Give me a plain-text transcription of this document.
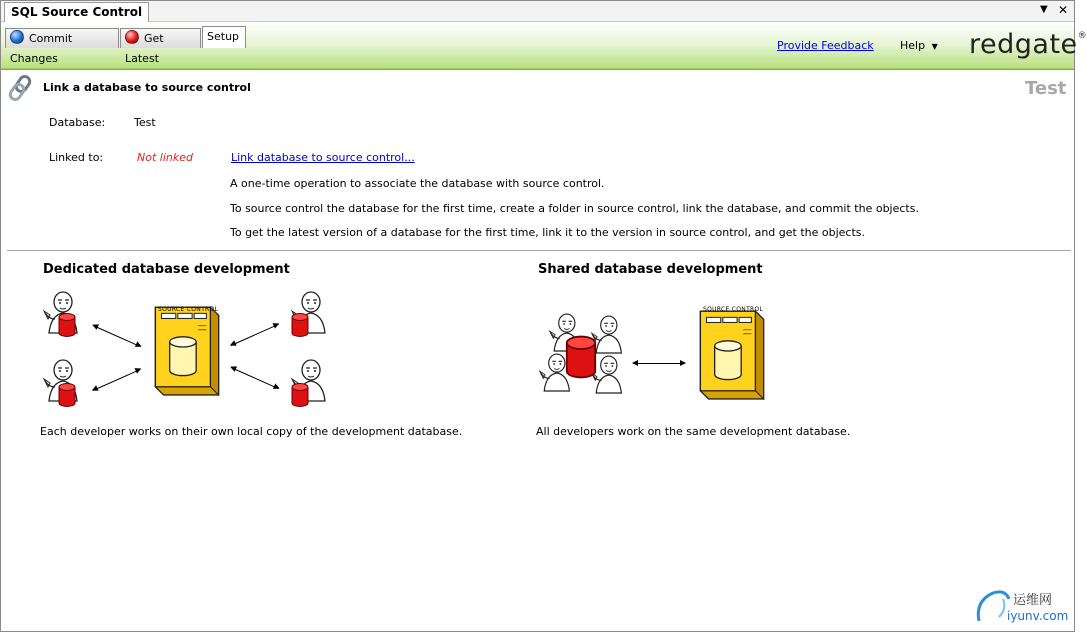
SQL Source Control	▼ ✕
Provide Feedback Help ▼ redgate®
Commit Changes
Get Latest
Setup
Link a database to source control	Test
Database:	Test
Linked to:	Not linked	Link database to source control...
A one-time operation to associate the database with source control.
To source control the database for the first time, create a folder in source control, link the database, and commit the objects.
To get the latest version of a database for the first time, link it to the version in source control, and get the objects.
Dedicated database development
SOURCE CONTROL
Each developer works on their own local copy of the development database.
Shared database development
SOURCE CONTROL
All developers work on the same development database.
运维网
iyunv.com
